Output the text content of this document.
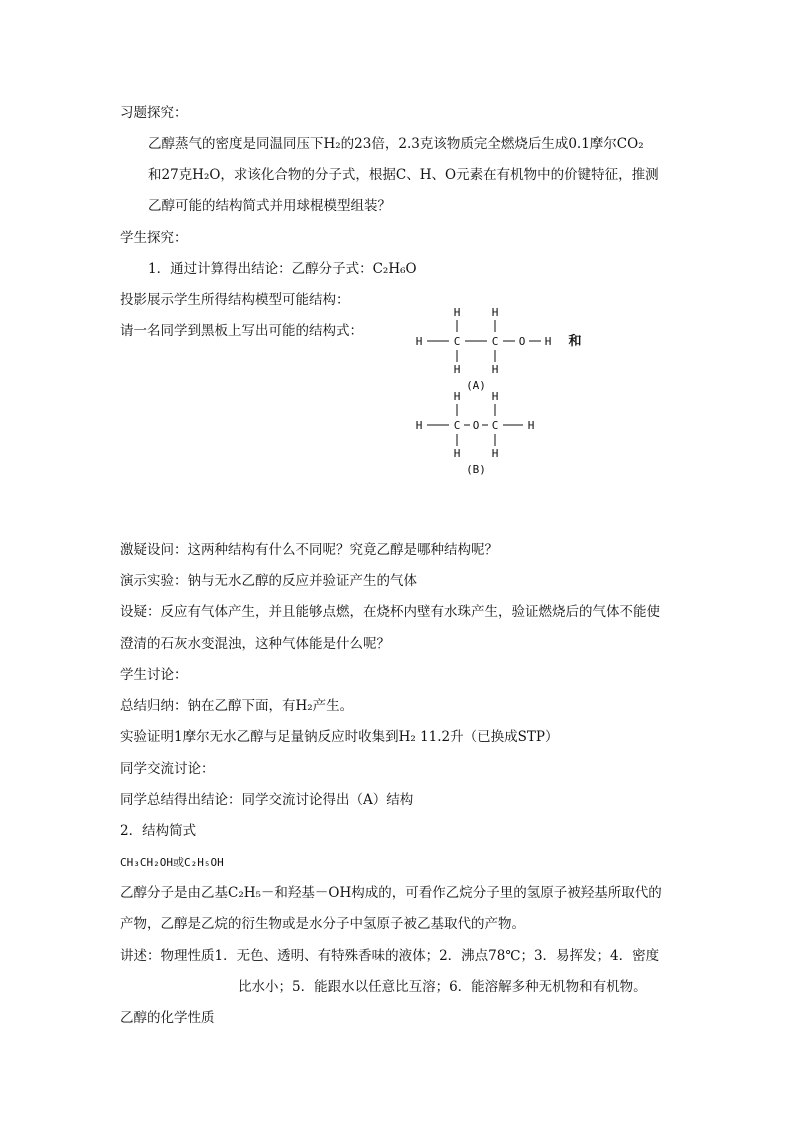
习题探究：
乙醇蒸气的密度是同温同压下H₂的23倍，2.3克该物质完全燃烧后生成0.1摩尔CO₂
和27克H₂O，求该化合物的分子式，根据C、H、O元素在有机物中的价键特征，推测
乙醇可能的结构简式并用球棍模型组装？
学生探究：
1．通过计算得出结论：乙醇分子式：C₂H₆O
投影展示学生所得结构模型可能结构：
请一名同学到黑板上写出可能的结构式：
H	H
H	C	C O H 和
H	H
(A)
H	H
H	C O C	H
H	H
(B)
激疑设问：这两种结构有什么不同呢？究竟乙醇是哪种结构呢？
演示实验：钠与无水乙醇的反应并验证产生的气体
设疑：反应有气体产生，并且能够点燃，在烧杯内壁有水珠产生，验证燃烧后的气体不能使
澄清的石灰水变混浊，这种气体能是什么呢？
学生讨论：
总结归纳：钠在乙醇下面，有H₂产生。
实验证明1摩尔无水乙醇与足量钠反应时收集到H₂ 11.2升（已换成STP）
同学交流讨论：
同学总结得出结论：同学交流讨论得出（A）结构
2．结构简式
CH₃CH₂OH或C₂H₅OH
乙醇分子是由乙基C₂H₅－和羟基－OH构成的，可看作乙烷分子里的氢原子被羟基所取代的
产物，乙醇是乙烷的衍生物或是水分子中氢原子被乙基取代的产物。
讲述：物理性质1．无色、透明、有特殊香味的液体；2．沸点78℃；3．易挥发；4．密度
比水小；5．能跟水以任意比互溶；6．能溶解多种无机物和有机物。
乙醇的化学性质
